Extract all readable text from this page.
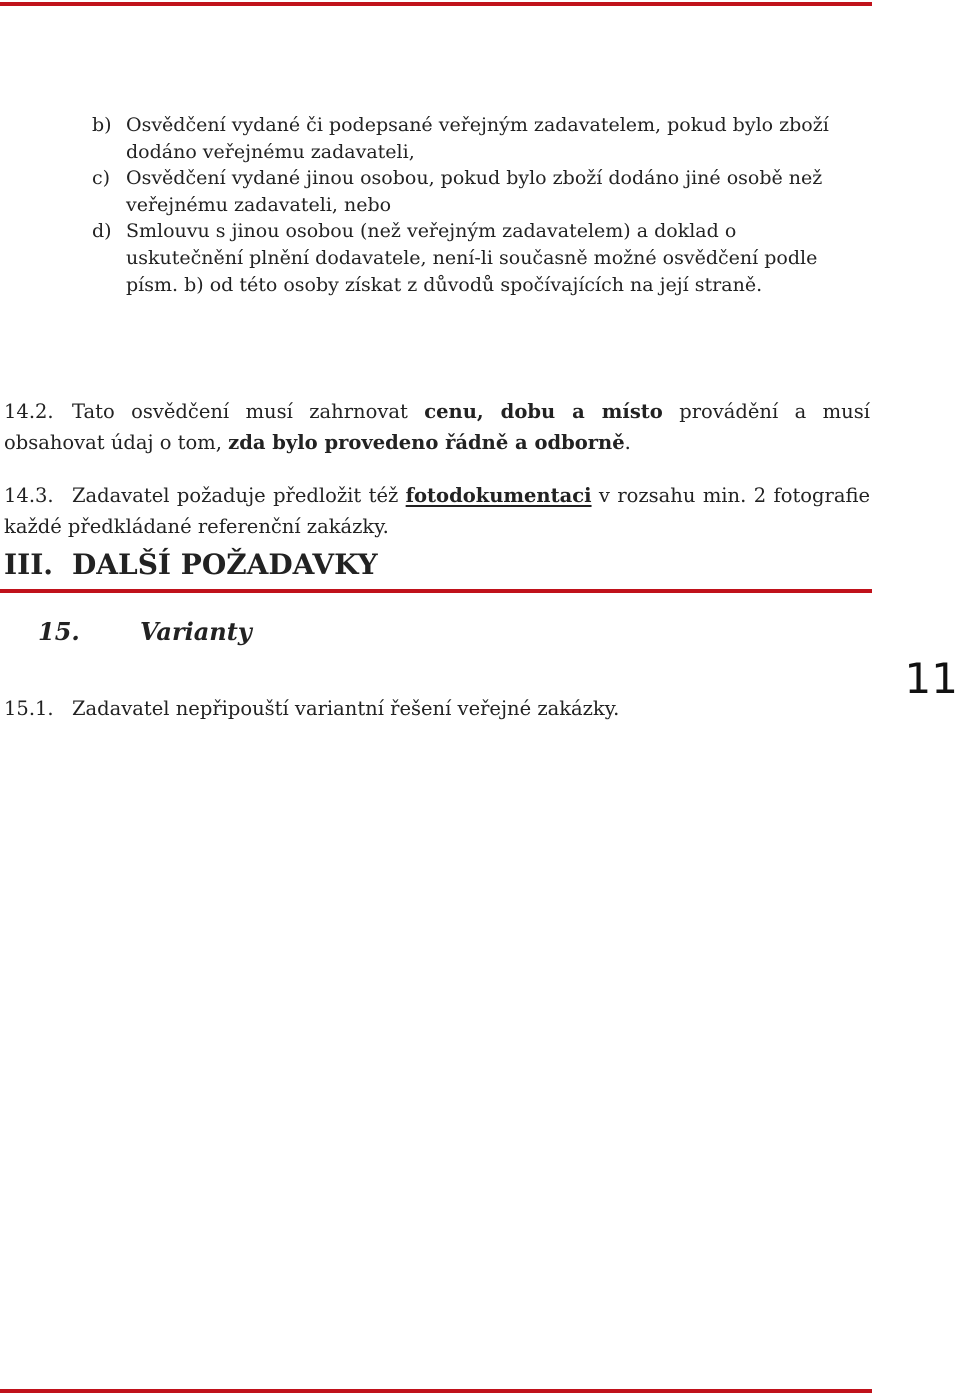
b) Osvědčení vydané či podepsané veřejným zadavatelem, pokud bylo zboží dodáno veřejnému zadavateli,

c) Osvědčení vydané jinou osobou, pokud bylo zboží dodáno jiné osobě než veřejnému zadavateli, nebo

d) Smlouvu s jinou osobou (než veřejným zadavatelem) a doklad o uskutečnění plnění dodavatele, není-li současně možné osvědčení podle písm. b) od této osoby získat z důvodů spočívajících na její straně.

14.2. Tato osvědčení musí zahrnovat cenu, dobu a místo provádění a musí obsahovat údaj o tom, zda bylo provedeno řádně a odborně.

14.3. Zadavatel požaduje předložit též fotodokumentaci v rozsahu min. 2 fotografie každé předkládané referenční zakázky.

III. DALŠÍ POŽADAVKY
15.	Varianty

15.1. Zadavatel nepřipouští variantní řešení veřejné zakázky.

11
